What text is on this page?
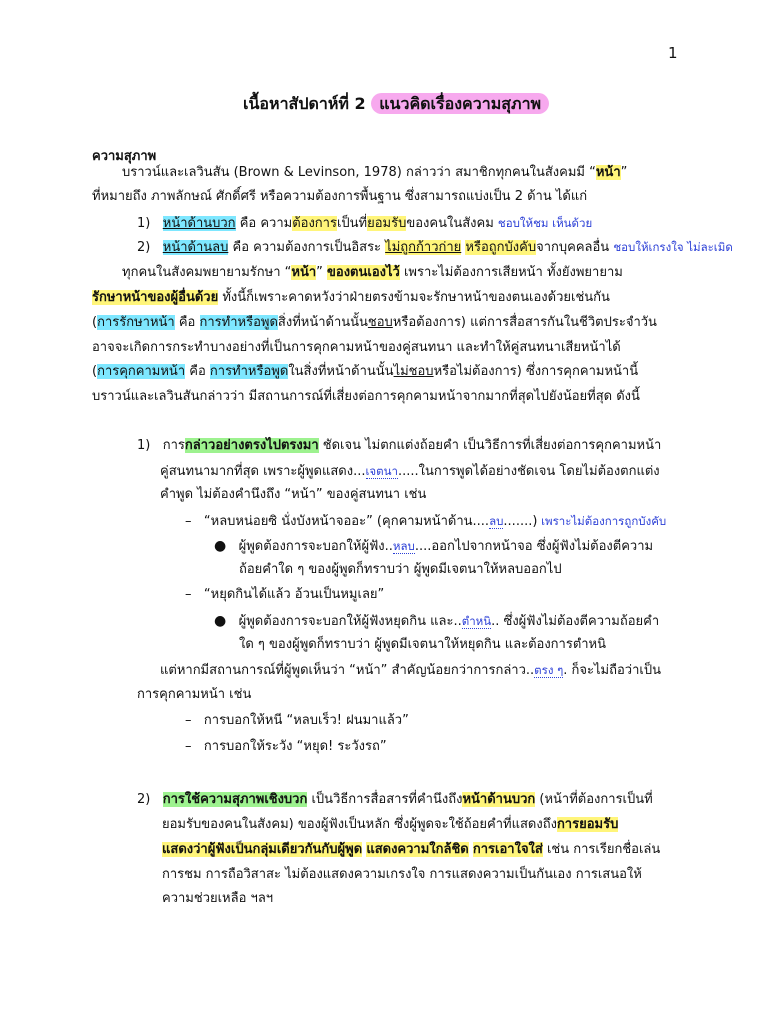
1
เนื้อหาสัปดาห์ที่ 2 แนวคิดเรื่องความสุภาพ
ความสุภาพ
บราวน์และเลวินสัน (Brown & Levinson, 1978) กล่าวว่า สมาชิกทุกคนในสังคมมี “หน้า”
ที่หมายถึง ภาพลักษณ์ ศักดิ์ศรี หรือความต้องการพื้นฐาน ซึ่งสามารถแบ่งเป็น 2 ด้าน ได้แก่
1) หน้าด้านบวก คือ ความต้องการเป็นที่ยอมรับของคนในสังคม ชอบให้ชม เห็นด้วย
2) หน้าด้านลบ คือ ความต้องการเป็นอิสระ ไม่ถูกก้าวก่าย หรือถูกบังคับจากบุคคลอื่น ชอบให้เกรงใจ ไม่ละเมิด
ทุกคนในสังคมพยายามรักษา “หน้า” ของตนเองไว้ เพราะไม่ต้องการเสียหน้า ทั้งยังพยายาม
รักษาหน้าของผู้อื่นด้วย ทั้งนี้ก็เพราะคาดหวังว่าฝ่ายตรงข้ามจะรักษาหน้าของตนเองด้วยเช่นกัน
(การรักษาหน้า คือ การทำหรือพูดสิ่งที่หน้าด้านนั้นชอบหรือต้องการ) แต่การสื่อสารกันในชีวิตประจำวัน
อาจจะเกิดการกระทำบางอย่างที่เป็นการคุกคามหน้าของคู่สนทนา และทำให้คู่สนทนาเสียหน้าได้
(การคุกคามหน้า คือ การทำหรือพูดในสิ่งที่หน้าด้านนั้นไม่ชอบหรือไม่ต้องการ) ซึ่งการคุกคามหน้านี้
บราวน์และเลวินสันกล่าวว่า มีสถานการณ์ที่เสี่ยงต่อการคุกคามหน้าจากมากที่สุดไปยังน้อยที่สุด ดังนี้
1) การกล่าวอย่างตรงไปตรงมา ชัดเจน ไม่ตกแต่งถ้อยคำ เป็นวิธีการที่เสี่ยงต่อการคุกคามหน้า
คู่สนทนามากที่สุด เพราะผู้พูดแสดง...เจตนา.....ในการพูดได้อย่างชัดเจน โดยไม่ต้องตกแต่ง
คำพูด ไม่ต้องคำนึงถึง “หน้า” ของคู่สนทนา เช่น
– “หลบหน่อยซิ นั่งบังหน้าจออะ” (คุกคามหน้าด้าน....ลบ.......) เพราะไม่ต้องการถูกบังคับ
● ผู้พูดต้องการจะบอกให้ผู้ฟัง..หลบ....ออกไปจากหน้าจอ ซึ่งผู้ฟังไม่ต้องตีความ
ถ้อยคำใด ๆ ของผู้พูดก็ทราบว่า ผู้พูดมีเจตนาให้หลบออกไป
– “หยุดกินได้แล้ว อ้วนเป็นหมูเลย”
● ผู้พูดต้องการจะบอกให้ผู้ฟังหยุดกิน และ..ตำหนิ.. ซึ่งผู้ฟังไม่ต้องตีความถ้อยคำ
ใด ๆ ของผู้พูดก็ทราบว่า ผู้พูดมีเจตนาให้หยุดกิน และต้องการตำหนิ
แต่หากมีสถานการณ์ที่ผู้พูดเห็นว่า “หน้า” สำคัญน้อยกว่าการกล่าว..ตรง ๆ. ก็จะไม่ถือว่าเป็น
การคุกคามหน้า เช่น
– การบอกให้หนี “หลบเร็ว! ฝนมาแล้ว”
– การบอกให้ระวัง “หยุด! ระวังรถ”
2) การใช้ความสุภาพเชิงบวก เป็นวิธีการสื่อสารที่คำนึงถึงหน้าด้านบวก (หน้าที่ต้องการเป็นที่
ยอมรับของคนในสังคม) ของผู้ฟังเป็นหลัก ซึ่งผู้พูดจะใช้ถ้อยคำที่แสดงถึงการยอมรับ
แสดงว่าผู้ฟังเป็นกลุ่มเดียวกันกับผู้พูด แสดงความใกล้ชิด การเอาใจใส่ เช่น การเรียกชื่อเล่น
การชม การถือวิสาสะ ไม่ต้องแสดงความเกรงใจ การแสดงความเป็นกันเอง การเสนอให้
ความช่วยเหลือ ฯลฯ
